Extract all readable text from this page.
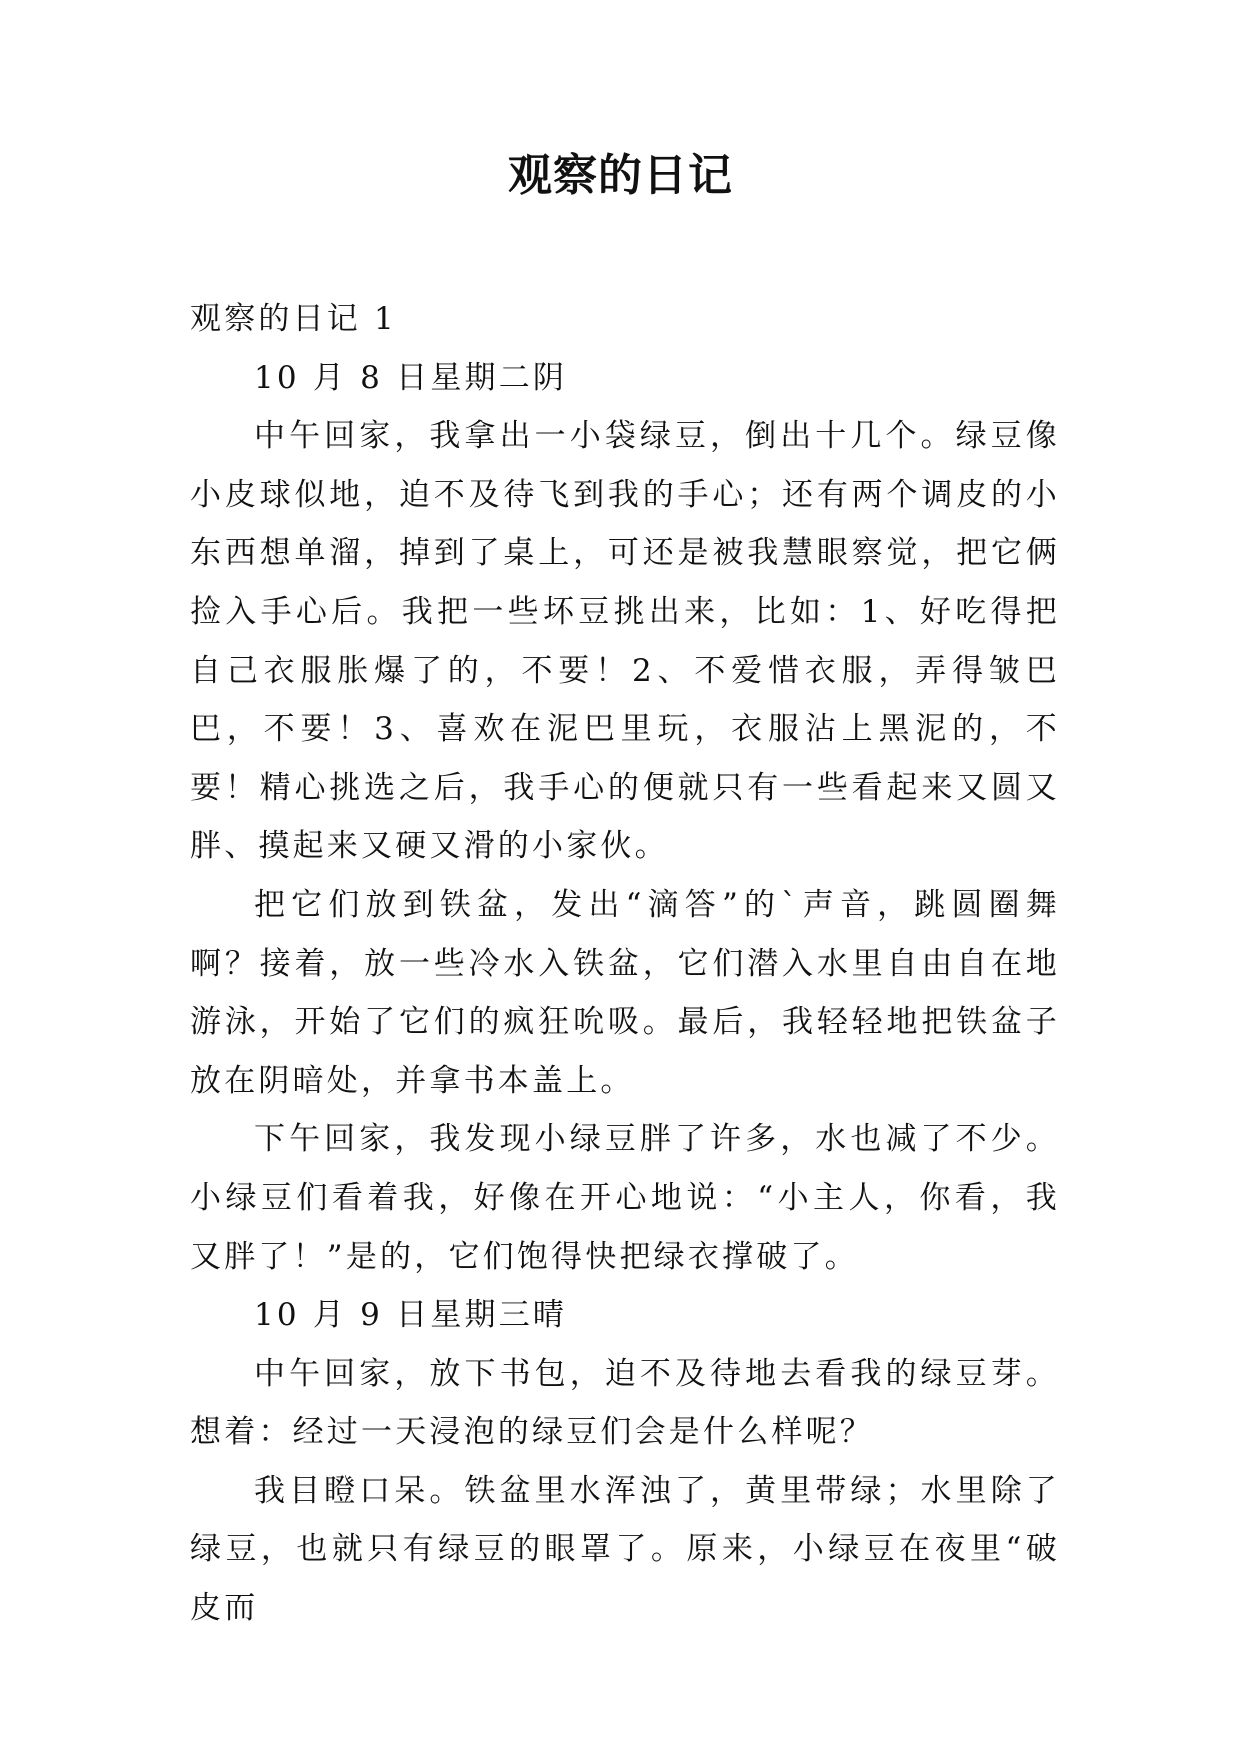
观察的日记

观察的日记 1

10 月 8 日星期二阴

中午回家，我拿出一小袋绿豆，倒出十几个。绿豆像小皮球似地，迫不及待飞到我的手心；还有两个调皮的小东西想单溜，掉到了桌上，可还是被我慧眼察觉，把它俩捡入手心后。我把一些坏豆挑出来，比如：1、好吃得把自己衣服胀爆了的，不要！2、不爱惜衣服，弄得皱巴巴，不要！3、喜欢在泥巴里玩，衣服沾上黑泥的，不要！精心挑选之后，我手心的便就只有一些看起来又圆又胖、摸起来又硬又滑的小家伙。

把它们放到铁盆，发出“滴答”的`声音，跳圆圈舞啊？接着，放一些冷水入铁盆，它们潜入水里自由自在地游泳，开始了它们的疯狂吮吸。最后，我轻轻地把铁盆子放在阴暗处，并拿书本盖上。

下午回家，我发现小绿豆胖了许多，水也减了不少。小绿豆们看着我，好像在开心地说：“小主人，你看，我又胖了！”是的，它们饱得快把绿衣撑破了。

10 月 9 日星期三晴

中午回家，放下书包，迫不及待地去看我的绿豆芽。想着：经过一天浸泡的绿豆们会是什么样呢？

我目瞪口呆。铁盆里水浑浊了，黄里带绿；水里除了绿豆，也就只有绿豆的眼罩了。原来，小绿豆在夜里“破皮而
